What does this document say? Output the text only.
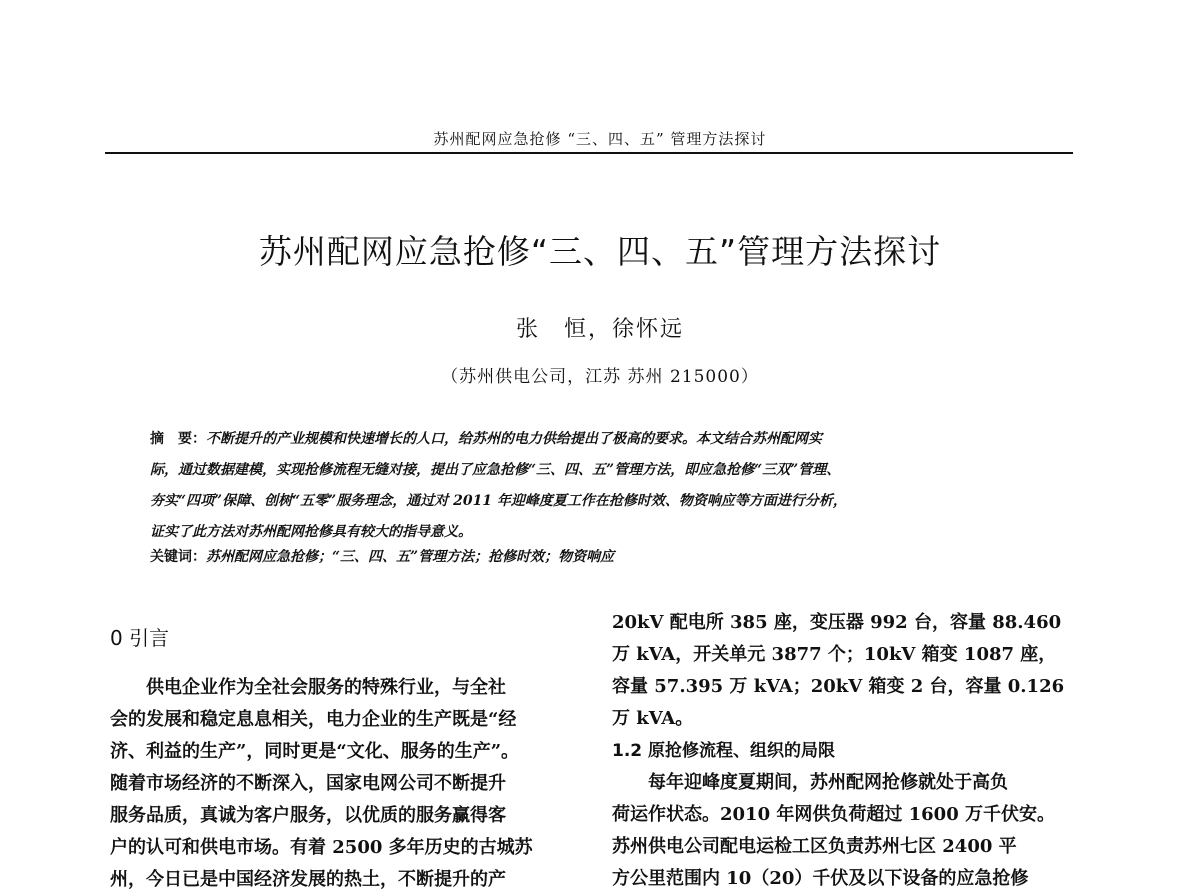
苏州配网应急抢修 “三、四、五” 管理方法探讨
苏州配网应急抢修“三、四、五”管理方法探讨
张　恒，徐怀远
（苏州供电公司，江苏 苏州 215000）
摘　要：不断提升的产业规模和快速增长的人口，给苏州的电力供给提出了极高的要求。本文结合苏州配网实
际，通过数据建模，实现抢修流程无缝对接，提出了应急抢修“三、四、五”管理方法，即应急抢修“三双”管理、
夯实“四项”保障、创树“五零”服务理念，通过对 2011 年迎峰度夏工作在抢修时效、物资响应等方面进行分析，
证实了此方法对苏州配网抢修具有较大的指导意义。
关键词：苏州配网应急抢修；“三、四、五”管理方法；抢修时效；物资响应
0 引言
供电企业作为全社会服务的特殊行业，与全社
会的发展和稳定息息相关，电力企业的生产既是“经
济、利益的生产”，同时更是“文化、服务的生产”。
随着市场经济的不断深入，国家电网公司不断提升
服务品质，真诚为客户服务，以优质的服务赢得客
户的认可和供电市场。有着 2500 多年历史的古城苏
州，今日已是中国经济发展的热土，不断提升的产
20kV 配电所 385 座，变压器 992 台，容量 88.460
万 kVA，开关单元 3877 个；10kV 箱变 1087 座，
容量 57.395 万 kVA；20kV 箱变 2 台，容量 0.126
万 kVA。
1.2 原抢修流程、组织的局限
每年迎峰度夏期间，苏州配网抢修就处于高负
荷运作状态。2010 年网供负荷超过 1600 万千伏安。
苏州供电公司配电运检工区负责苏州七区 2400 平
方公里范围内 10（20）千伏及以下设备的应急抢修
